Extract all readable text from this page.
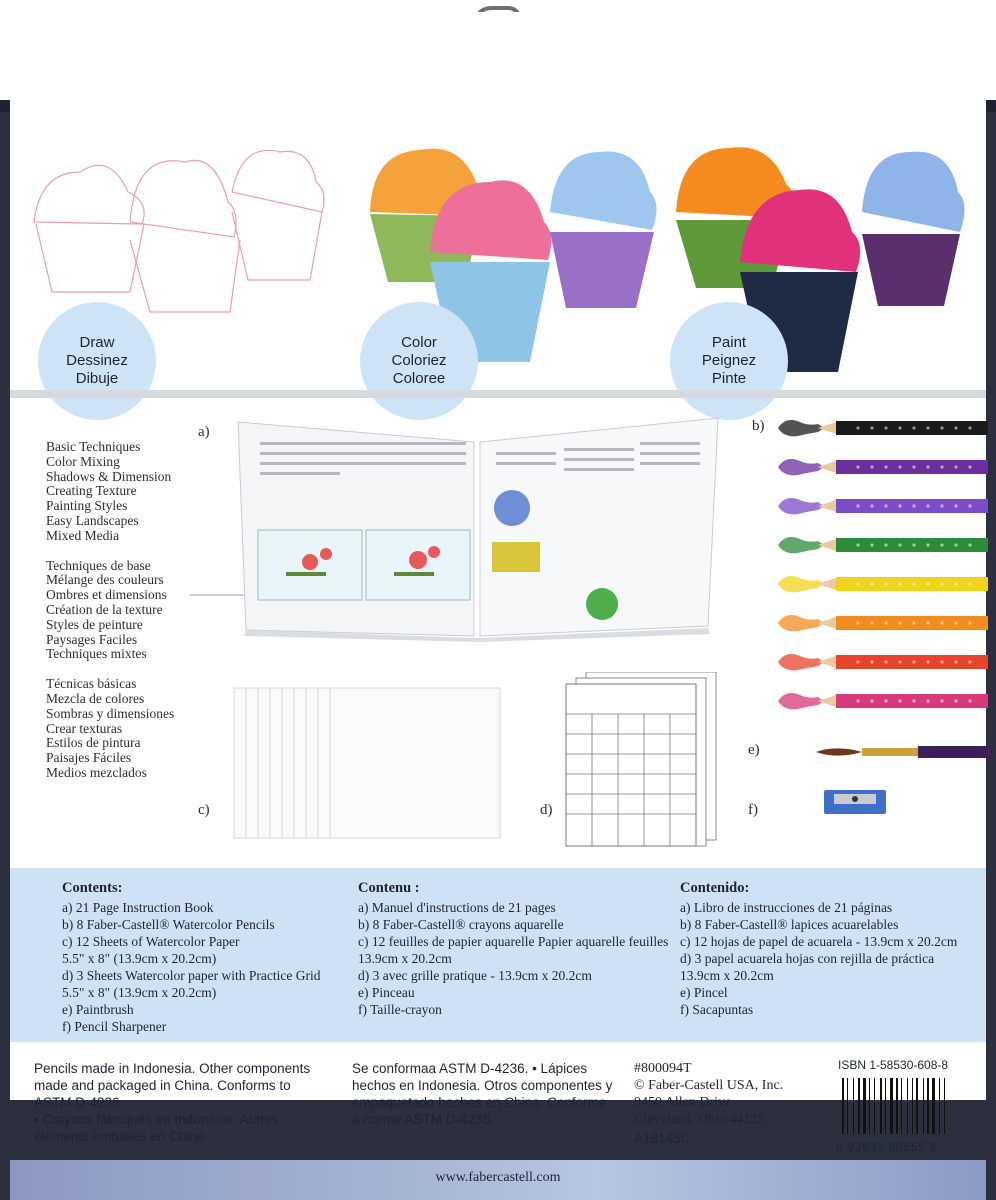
Draw
Dessinez
Dibuje
Color
Coloriez
Coloree
Paint
Peignez
Pinte
Basic Techniques
Color Mixing
Shadows & Dimension
Creating Texture
Painting Styles
Easy Landscapes
Mixed Media
Techniques de base
Mélange des couleurs
Ombres et dimensions
Création de la texture
Styles de peinture
Paysages Faciles
Techniques mixtes
Técnicas básicas
Mezcla de colores
Sombras y dimensiones
Crear texturas
Estilos de pintura
Paisajes Fáciles
Medios mezclados
a)	b)
c)	d)
e)
f)
Contents:
a) 21 Page Instruction Book
b) 8 Faber-Castell® Watercolor Pencils
c) 12 Sheets of Watercolor Paper
5.5" x 8" (13.9cm x 20.2cm)
d) 3 Sheets Watercolor paper with Practice Grid
5.5" x 8" (13.9cm x 20.2cm)
e) Paintbrush
f) Pencil Sharpener
Contenu :
a) Manuel d'instructions de 21 pages
b) 8 Faber-Castell® crayons aquarelle
c) 12 feuilles de papier aquarelle Papier aquarelle feuilles
13.9cm x 20.2cm
d) 3 avec grille pratique - 13.9cm x 20.2cm
e) Pinceau
f) Taille-crayon
Contenido:
a) Libro de instrucciones de 21 páginas
b) 8 Faber-Castell® lapices acuarelables
c) 12 hojas de papel de acuarela - 13.9cm x 20.2cm
d) 3 papel acuarela hojas con rejilla de práctica
13.9cm x 20.2cm
e) Pincel
f) Sacapuntas
Pencils made in Indonesia. Other components
made and packaged in China. Conforms to
ASTM D-4236.
• Crayons fabriqués en Indonésie. Autres
éléments emballés en Chine.
Se conformaa ASTM D-4236. • Lápices
hechos en Indonesia. Otros componentes y
empaquetado hechos en China. Conforme
á norme ASTM D-4236.
#800094T
© Faber-Castell USA, Inc.
9450 Allen Drive
Cleveland, Ohio 44125
A18145C
ISBN 1-58530-608-8
0 92633 80555 8
www.fabercastell.com
